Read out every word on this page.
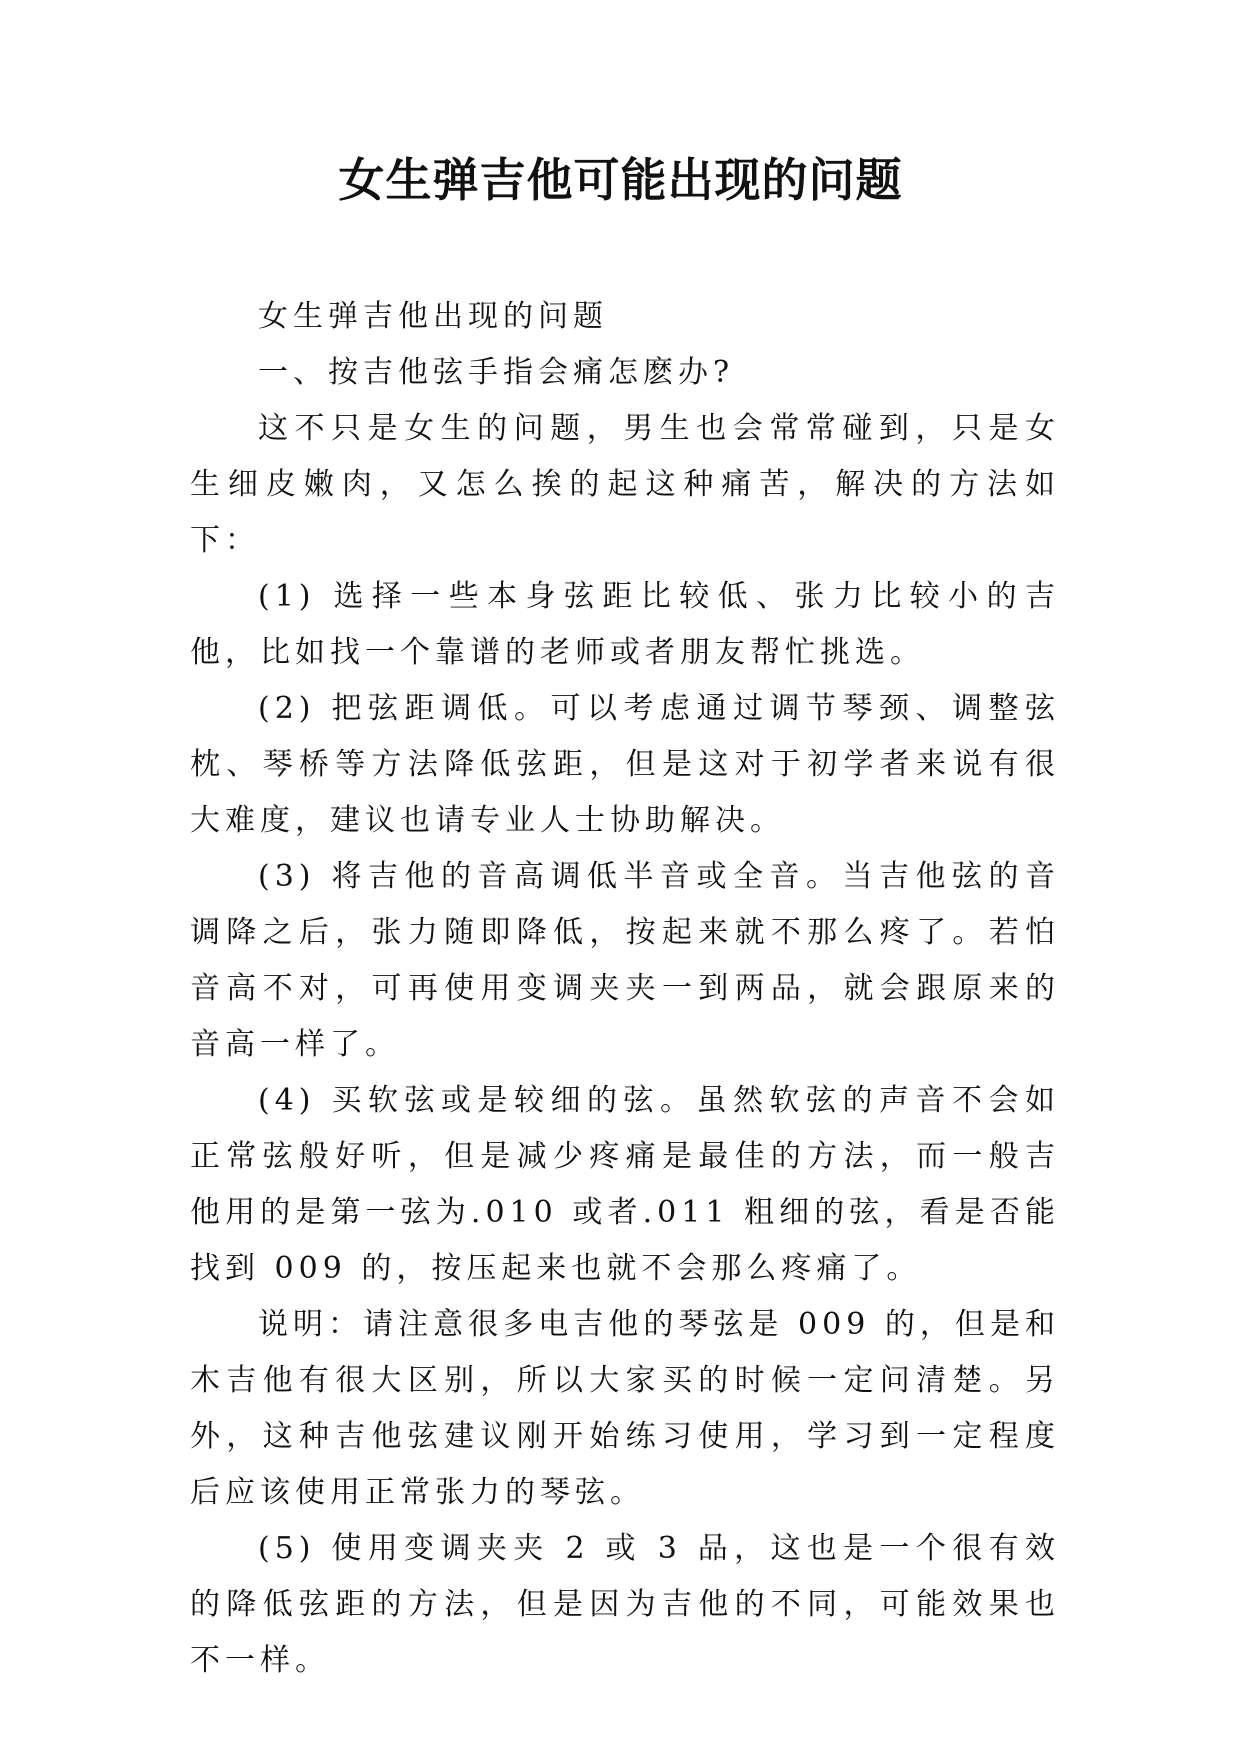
女生弹吉他可能出现的问题

女生弹吉他出现的问题

一、按吉他弦手指会痛怎麽办?

这不只是女生的问题，男生也会常常碰到，只是女生细皮嫩肉，又怎么挨的起这种痛苦，解决的方法如下：

(1) 选择一些本身弦距比较低、张力比较小的吉他，比如找一个靠谱的老师或者朋友帮忙挑选。

(2) 把弦距调低。可以考虑通过调节琴颈、调整弦枕、琴桥等方法降低弦距，但是这对于初学者来说有很大难度，建议也请专业人士协助解决。

(3) 将吉他的音高调低半音或全音。当吉他弦的音调降之后，张力随即降低，按起来就不那么疼了。若怕音高不对，可再使用变调夹夹一到两品，就会跟原来的音高一样了。

(4) 买软弦或是较细的弦。虽然软弦的声音不会如正常弦般好听，但是减少疼痛是最佳的方法，而一般吉他用的是第一弦为.010 或者.011 粗细的弦，看是否能找到 009 的，按压起来也就不会那么疼痛了。

说明：请注意很多电吉他的琴弦是 009 的，但是和木吉他有很大区别，所以大家买的时候一定问清楚。另外，这种吉他弦建议刚开始练习使用，学习到一定程度后应该使用正常张力的琴弦。

(5) 使用变调夹夹 2 或 3 品，这也是一个很有效的降低弦距的方法，但是因为吉他的不同，可能效果也不一样。
